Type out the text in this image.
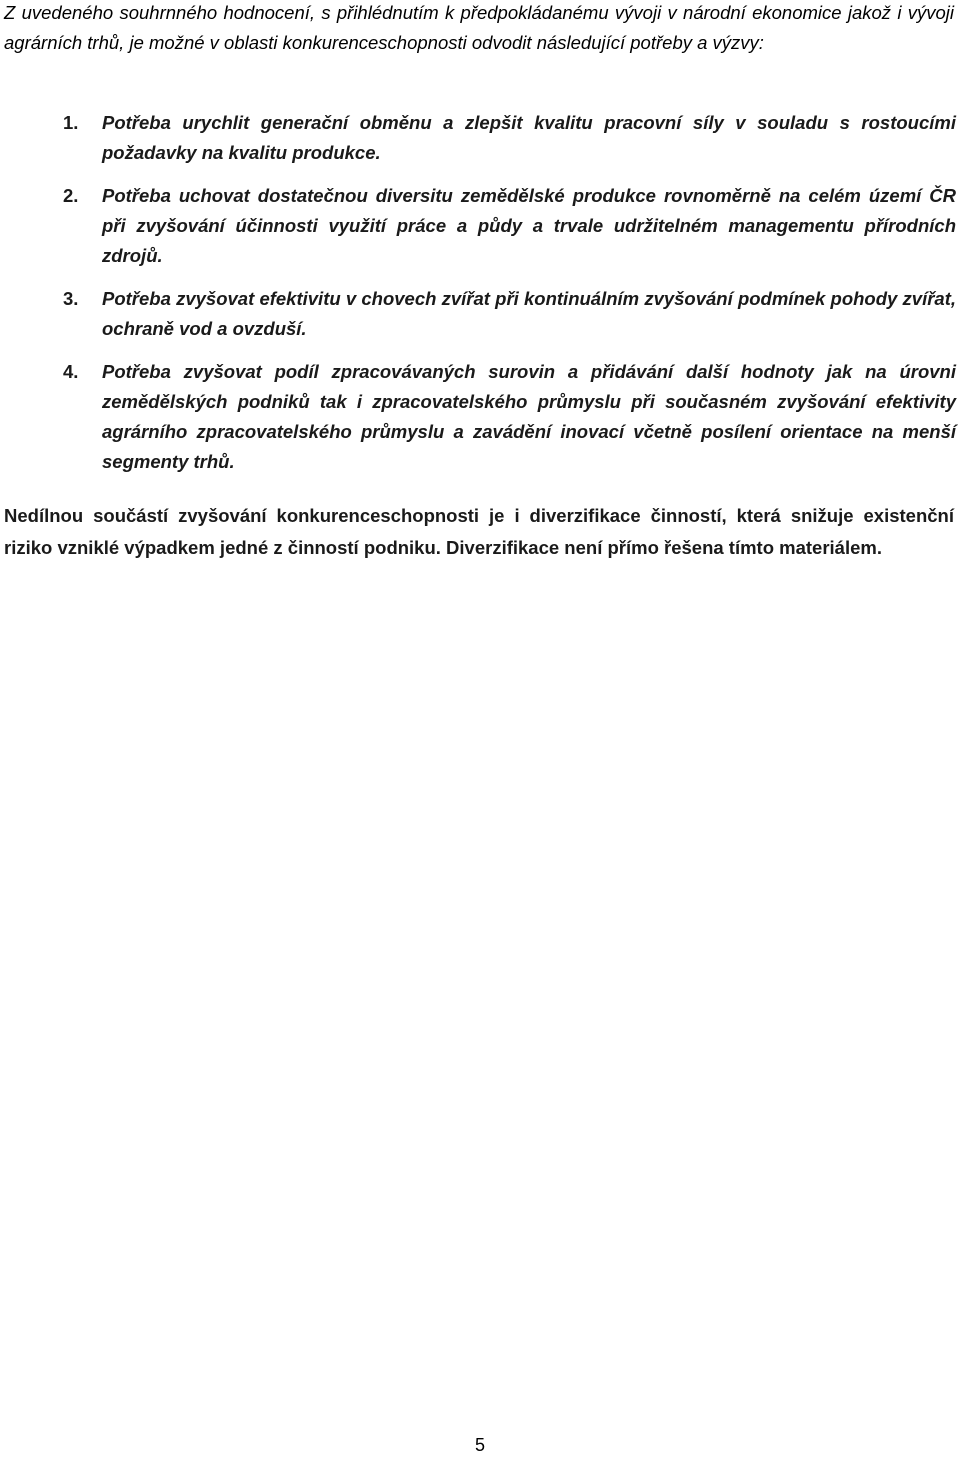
Z uvedeného souhrnného hodnocení, s přihlédnutím k předpokládanému vývoji v národní ekonomice jakož i vývoji agrárních trhů, je možné v oblasti konkurenceschopnosti odvodit následující potřeby a výzvy:

1. Potřeba urychlit generační obměnu a zlepšit kvalitu pracovní síly v souladu s rostoucími požadavky na kvalitu produkce.
2. Potřeba uchovat dostatečnou diversitu zemědělské produkce rovnoměrně na celém území ČR při zvyšování účinnosti využití práce a půdy a trvale udržitelném managementu přírodních zdrojů.
3. Potřeba zvyšovat efektivitu v chovech zvířat při kontinuálním zvyšování podmínek pohody zvířat, ochraně vod a ovzduší.
4. Potřeba zvyšovat podíl zpracovávaných surovin a přidávání další hodnoty jak na úrovni zemědělských podniků tak i zpracovatelského průmyslu při současném zvyšování efektivity agrárního zpracovatelského průmyslu a zavádění inovací včetně posílení orientace na menší segmenty trhů.

Nedílnou součástí zvyšování konkurenceschopnosti je i diverzifikace činností, která snižuje existenční riziko vzniklé výpadkem jedné z činností podniku. Diverzifikace není přímo řešena tímto materiálem.

5
